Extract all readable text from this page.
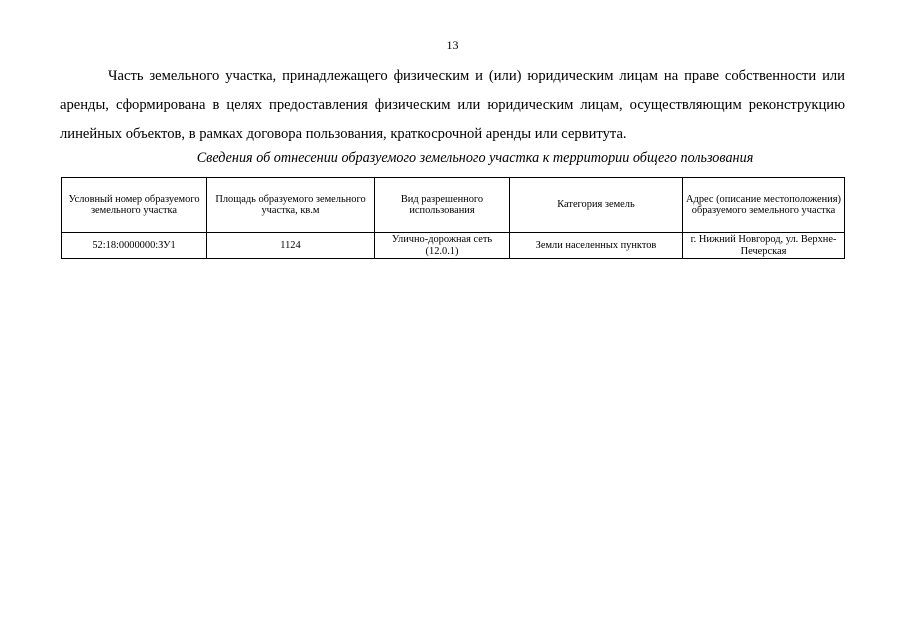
13

Часть земельного участка, принадлежащего физическим и (или) юридическим лицам на праве собственности или аренды, сформирована в целях предоставления физическим или юридическим лицам, осуществляющим реконструкцию линейных объектов, в рамках договора пользования, краткосрочной аренды или сервитута.

Сведения об отнесении образуемого земельного участка к территории общего пользования
Условный номер образуемого земельного участка	Площадь образуемого земельного участка, кв.м	Вид разрешенного использования	Категория земель	Адрес (описание местоположения) образуемого земельного участка
52:18:0000000:ЗУ1	1124	Улично-дорожная сеть (12.0.1)	Земли населенных пунктов	г. Нижний Новгород, ул. Верхне-Печерская
